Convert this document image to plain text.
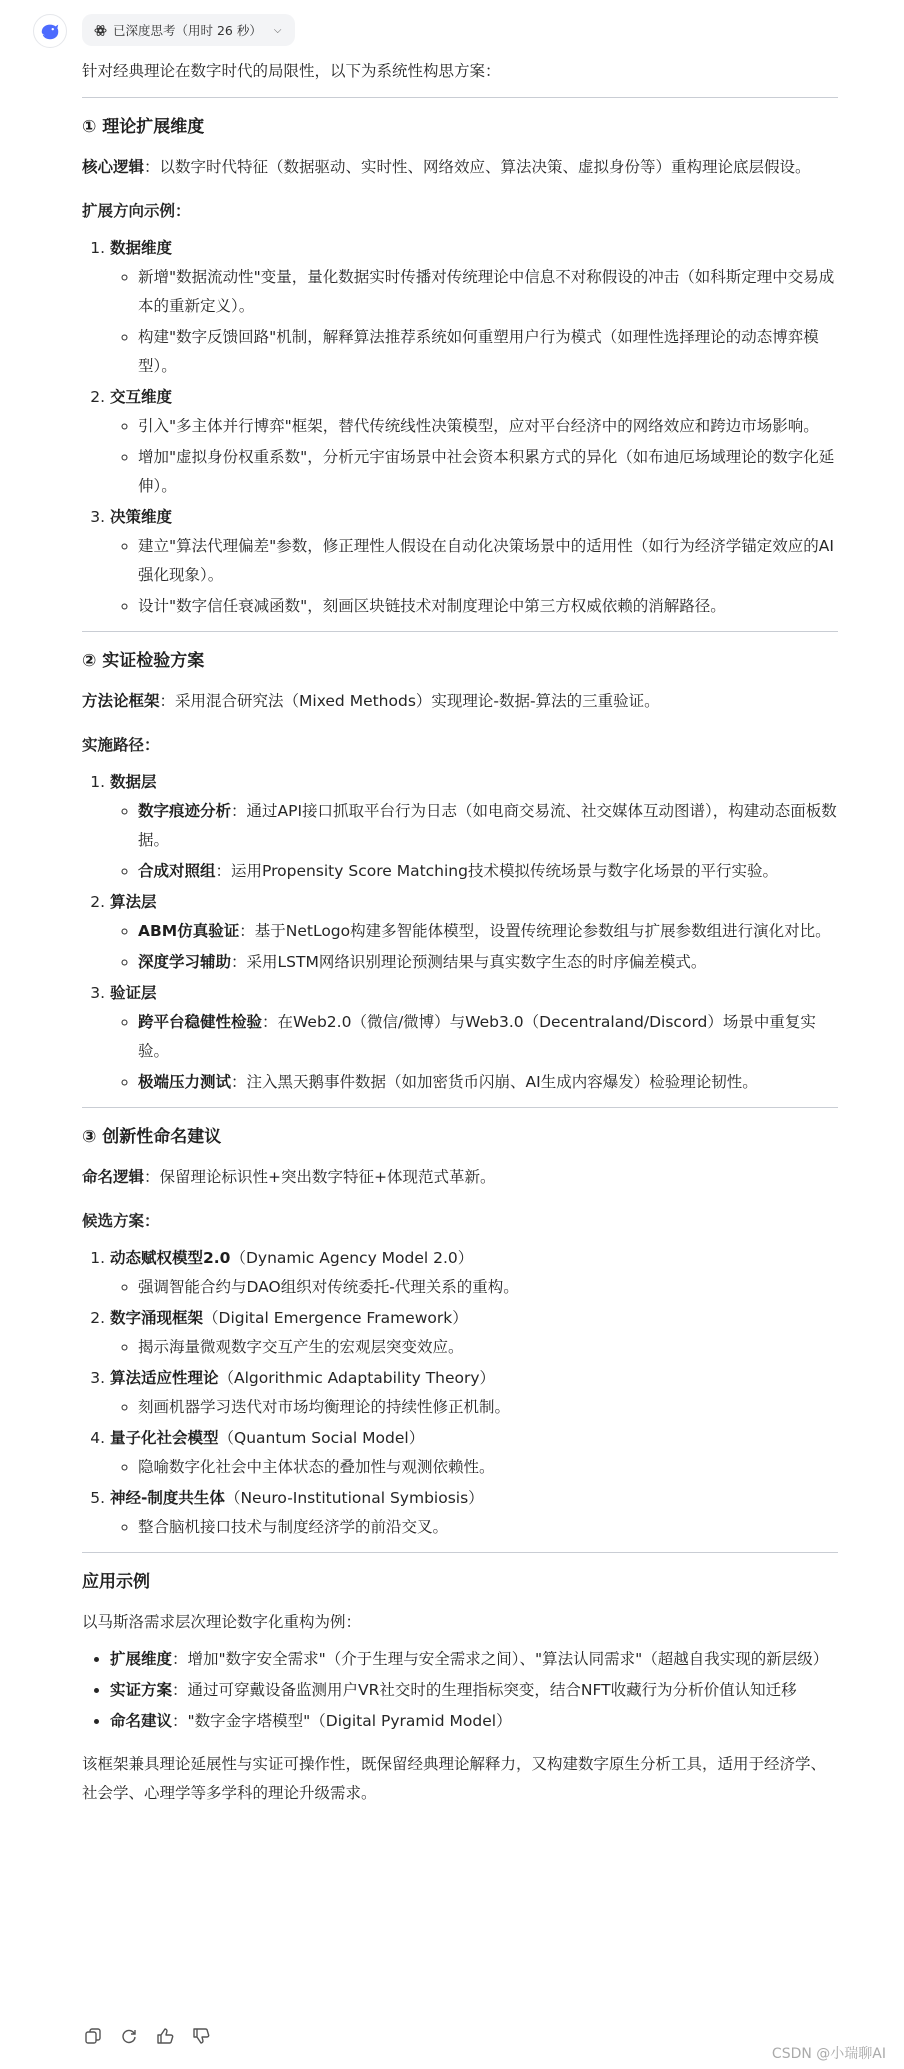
已深度思考（用时 26 秒） ⌵

针对经典理论在数字时代的局限性，以下为系统性构思方案：

① 理论扩展维度

核心逻辑：以数字时代特征（数据驱动、实时性、网络效应、算法决策、虚拟身份等）重构理论底层假设。

扩展方向示例：

1. 数据维度
◦ 新增"数据流动性"变量，量化数据实时传播对传统理论中信息不对称假设的冲击（如科斯定理中交易成本的重新定义）。
◦ 构建"数字反馈回路"机制，解释算法推荐系统如何重塑用户行为模式（如理性选择理论的动态博弈模型）。
2. 交互维度
◦ 引入"多主体并行博弈"框架，替代传统线性决策模型，应对平台经济中的网络效应和跨边市场影响。
◦ 增加"虚拟身份权重系数"，分析元宇宙场景中社会资本积累方式的异化（如布迪厄场域理论的数字化延伸）。
3. 决策维度
◦ 建立"算法代理偏差"参数，修正理性人假设在自动化决策场景中的适用性（如行为经济学锚定效应的AI强化现象）。
◦ 设计"数字信任衰减函数"，刻画区块链技术对制度理论中第三方权威依赖的消解路径。
② 实证检验方案

方法论框架：采用混合研究法（Mixed Methods）实现理论-数据-算法的三重验证。

实施路径：

1. 数据层
◦ 数字痕迹分析：通过API接口抓取平台行为日志（如电商交易流、社交媒体互动图谱），构建动态面板数据。
◦ 合成对照组：运用Propensity Score Matching技术模拟传统场景与数字化场景的平行实验。
2. 算法层
◦ ABM仿真验证：基于NetLogo构建多智能体模型，设置传统理论参数组与扩展参数组进行演化对比。
◦ 深度学习辅助：采用LSTM网络识别理论预测结果与真实数字生态的时序偏差模式。
3. 验证层
◦ 跨平台稳健性检验：在Web2.0（微信/微博）与Web3.0（Decentraland/Discord）场景中重复实验。
◦ 极端压力测试：注入黑天鹅事件数据（如加密货币闪崩、AI生成内容爆发）检验理论韧性。
③ 创新性命名建议

命名逻辑：保留理论标识性+突出数字特征+体现范式革新。

候选方案：

1. 动态赋权模型2.0（Dynamic Agency Model 2.0）
◦ 强调智能合约与DAO组织对传统委托-代理关系的重构。
2. 数字涌现框架（Digital Emergence Framework）
◦ 揭示海量微观数字交互产生的宏观层突变效应。
3. 算法适应性理论（Algorithmic Adaptability Theory）
◦ 刻画机器学习迭代对市场均衡理论的持续性修正机制。
4. 量子化社会模型（Quantum Social Model）
◦ 隐喻数字化社会中主体状态的叠加性与观测依赖性。
5. 神经-制度共生体（Neuro-Institutional Symbiosis）
◦ 整合脑机接口技术与制度经济学的前沿交叉。
应用示例

以马斯洛需求层次理论数字化重构为例：

• 扩展维度：增加"数字安全需求"（介于生理与安全需求之间）、"算法认同需求"（超越自我实现的新层级）
• 实证方案：通过可穿戴设备监测用户VR社交时的生理指标突变，结合NFT收藏行为分析价值认知迁移
• 命名建议："数字金字塔模型"（Digital Pyramid Model）

该框架兼具理论延展性与实证可操作性，既保留经典理论解释力，又构建数字原生分析工具，适用于经济学、社会学、心理学等多学科的理论升级需求。

CSDN @小瑞聊AI
